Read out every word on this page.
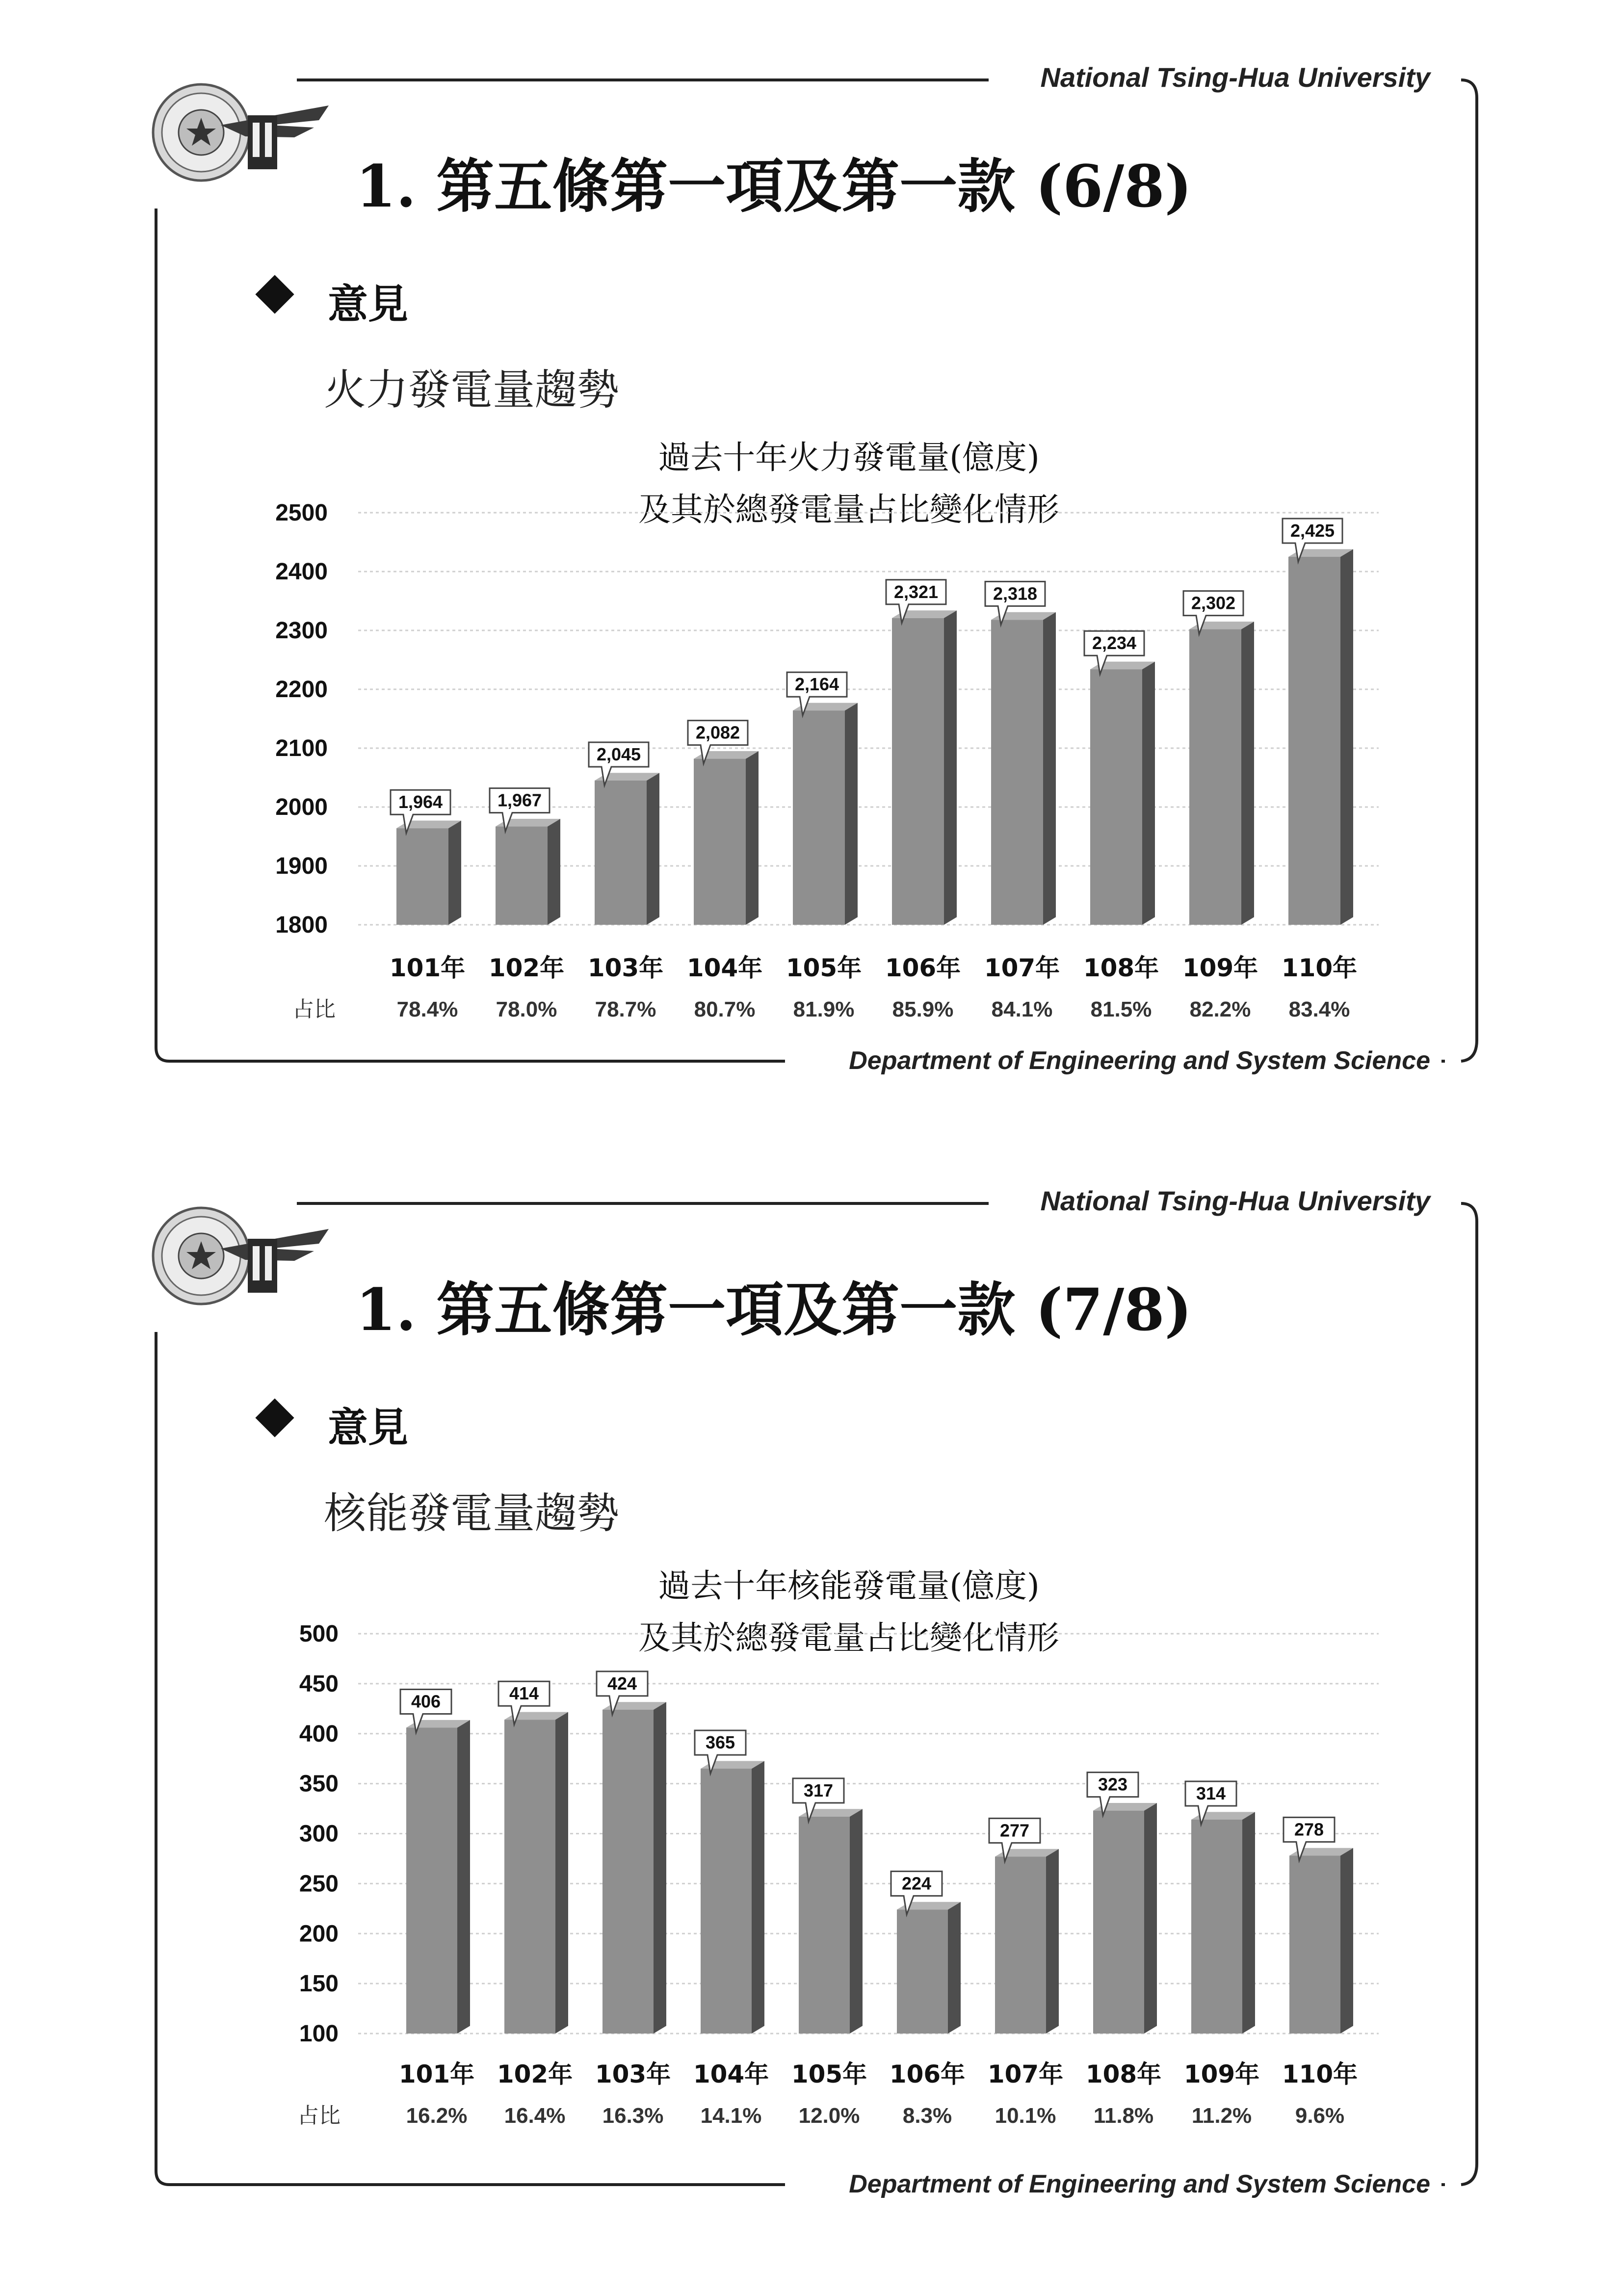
National Tsing-Hua University
Department of Engineering and System Science
1. 第五條第一項及第一款 (6/8)
意見
火力發電量趨勢
過去十年火力發電量(億度)
及其於總發電量占比變化情形
1800
1900
2000
2100
2200
2300
2400
2500
1,964
101年
78.4%
1,967
102年
78.0%
2,045
103年
78.7%
2,082
104年
80.7%
2,164
105年
81.9%
2,321
106年
85.9%
2,318
107年
84.1%
2,234
108年
81.5%
2,302
109年
82.2%
2,425
110年
83.4%
占比
National Tsing-Hua University
Department of Engineering and System Science
1. 第五條第一項及第一款 (7/8)
意見
核能發電量趨勢
過去十年核能發電量(億度)
及其於總發電量占比變化情形
100
150
200
250
300
350
400
450
500
406
101年
16.2%
414
102年
16.4%
424
103年
16.3%
365
104年
14.1%
317
105年
12.0%
224
106年
8.3%
277
107年
10.1%
323
108年
11.8%
314
109年
11.2%
278
110年
9.6%
占比
